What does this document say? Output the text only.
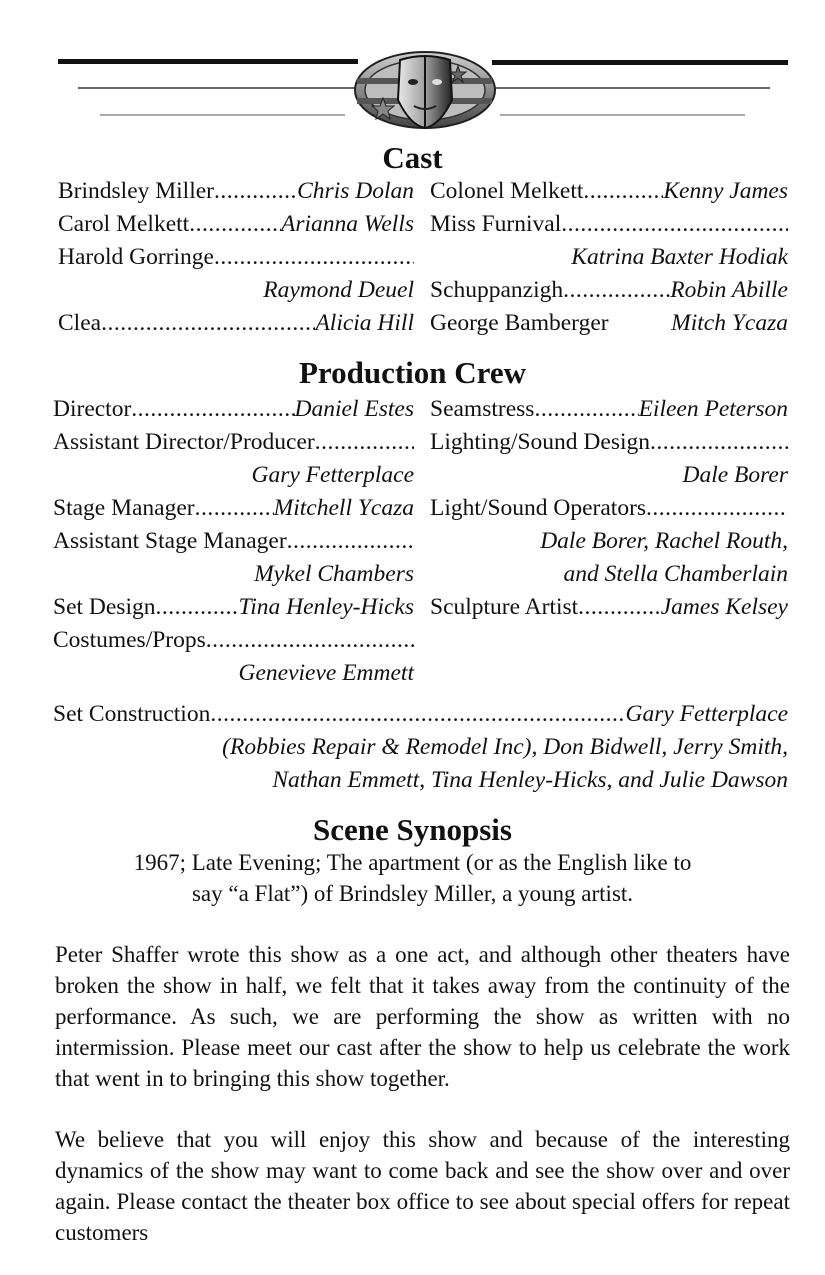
Cast
Brindsley Miller .....	Chris Dolan
Carol Melkett .....	Arianna Wells
Harold Gorringe
.....
Raymond Deuel
Clea .....	Alicia Hill
Colonel Melkett .....	Kenny James
Miss Furnival
.....
Katrina Baxter Hodiak
Schuppanzigh .....	Robin Abille
George Bamberger	Mitch Ycaza
Production Crew
Director .....	Daniel Estes
Assistant Director/Producer
.....
Gary Fetterplace
Stage Manager .....	Mitchell Ycaza
Assistant Stage Manager
.....
Mykel Chambers
Set Design .....	Tina Henley-Hicks
Costumes/Props
.....
Genevieve Emmett
Seamstress .....	Eileen Peterson
Lighting/Sound Design
.....
Dale Borer
Light/Sound Operators
.....
Dale Borer, Rachel Routh,
and Stella Chamberlain
Sculpture Artist .....	James Kelsey
Set Construction .....	Gary Fetterplace
(Robbies Repair & Remodel Inc), Don Bidwell, Jerry Smith,
Nathan Emmett, Tina Henley-Hicks, and Julie Dawson
Scene Synopsis
1967; Late Evening; The apartment (or as the English like to
say “a Flat”) of Brindsley Miller, a young artist.

Peter Shaffer wrote this show as a one act, and although other theaters have broken the show in half, we felt that it takes away from the continuity of the performance. As such, we are performing the show as written with no intermission. Please meet our cast after the show to help us celebrate the work that went in to bringing this show together.

We believe that you will enjoy this show and because of the interesting dynamics of the show may want to come back and see the show over and over again. Please contact the theater box office to see about special offers for repeat customers
